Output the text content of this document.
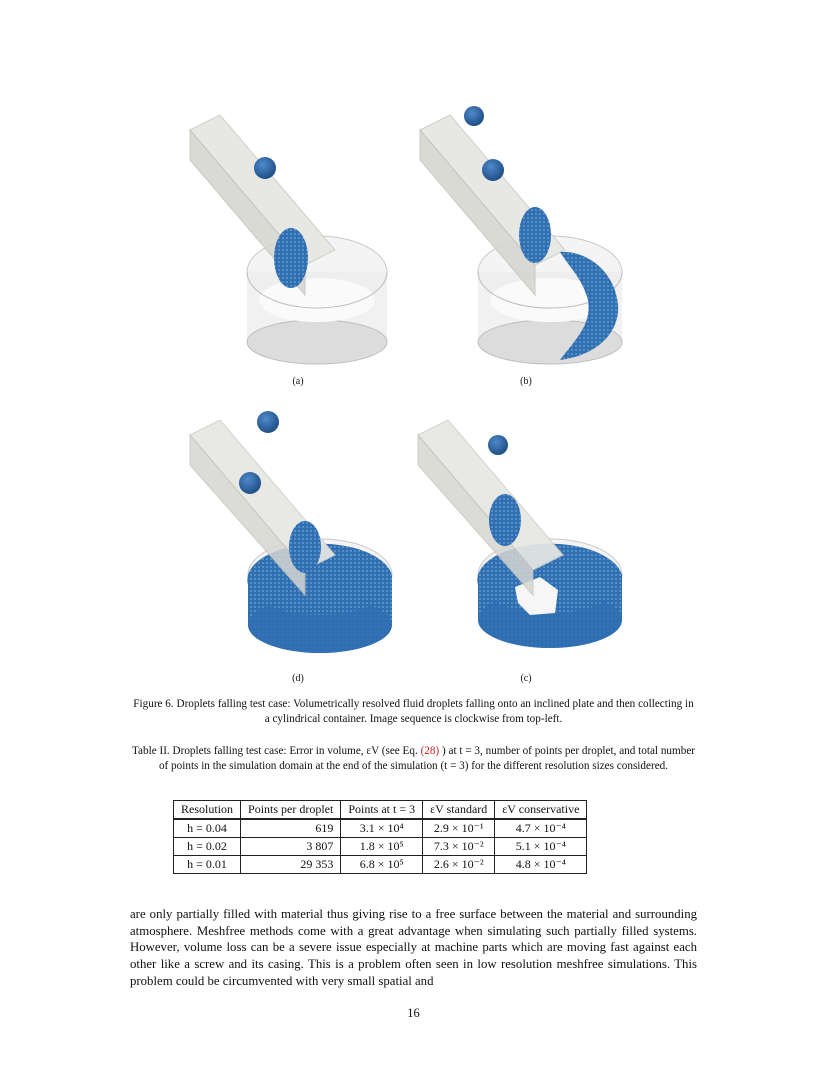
(a)	(b)
(d)	(c)
Figure 6. Droplets falling test case: Volumetrically resolved fluid droplets falling onto an inclined plate and then collecting in a cylindrical container. Image sequence is clockwise from top-left.
Table II. Droplets falling test case: Error in volume, εV (see Eq. (28) ) at t = 3, number of points per droplet, and total number of points in the simulation domain at the end of the simulation (t = 3) for the different resolution sizes considered.
Resolution	Points per droplet	Points at t = 3	εV standard	εV conservative
h = 0.04	619	3.1 × 10⁴	2.9 × 10⁻¹	4.7 × 10⁻⁴
h = 0.02	3 807	1.8 × 10⁵	7.3 × 10⁻²	5.1 × 10⁻⁴
h = 0.01	29 353	6.8 × 10⁵	2.6 × 10⁻²	4.8 × 10⁻⁴
are only partially filled with material thus giving rise to a free surface between the material and surrounding atmosphere. Meshfree methods come with a great advantage when simulating such partially filled systems. However, volume loss can be a severe issue especially at machine parts which are moving fast against each other like a screw and its casing. This is a problem often seen in low resolution meshfree simulations. This problem could be circumvented with very small spatial and
16
